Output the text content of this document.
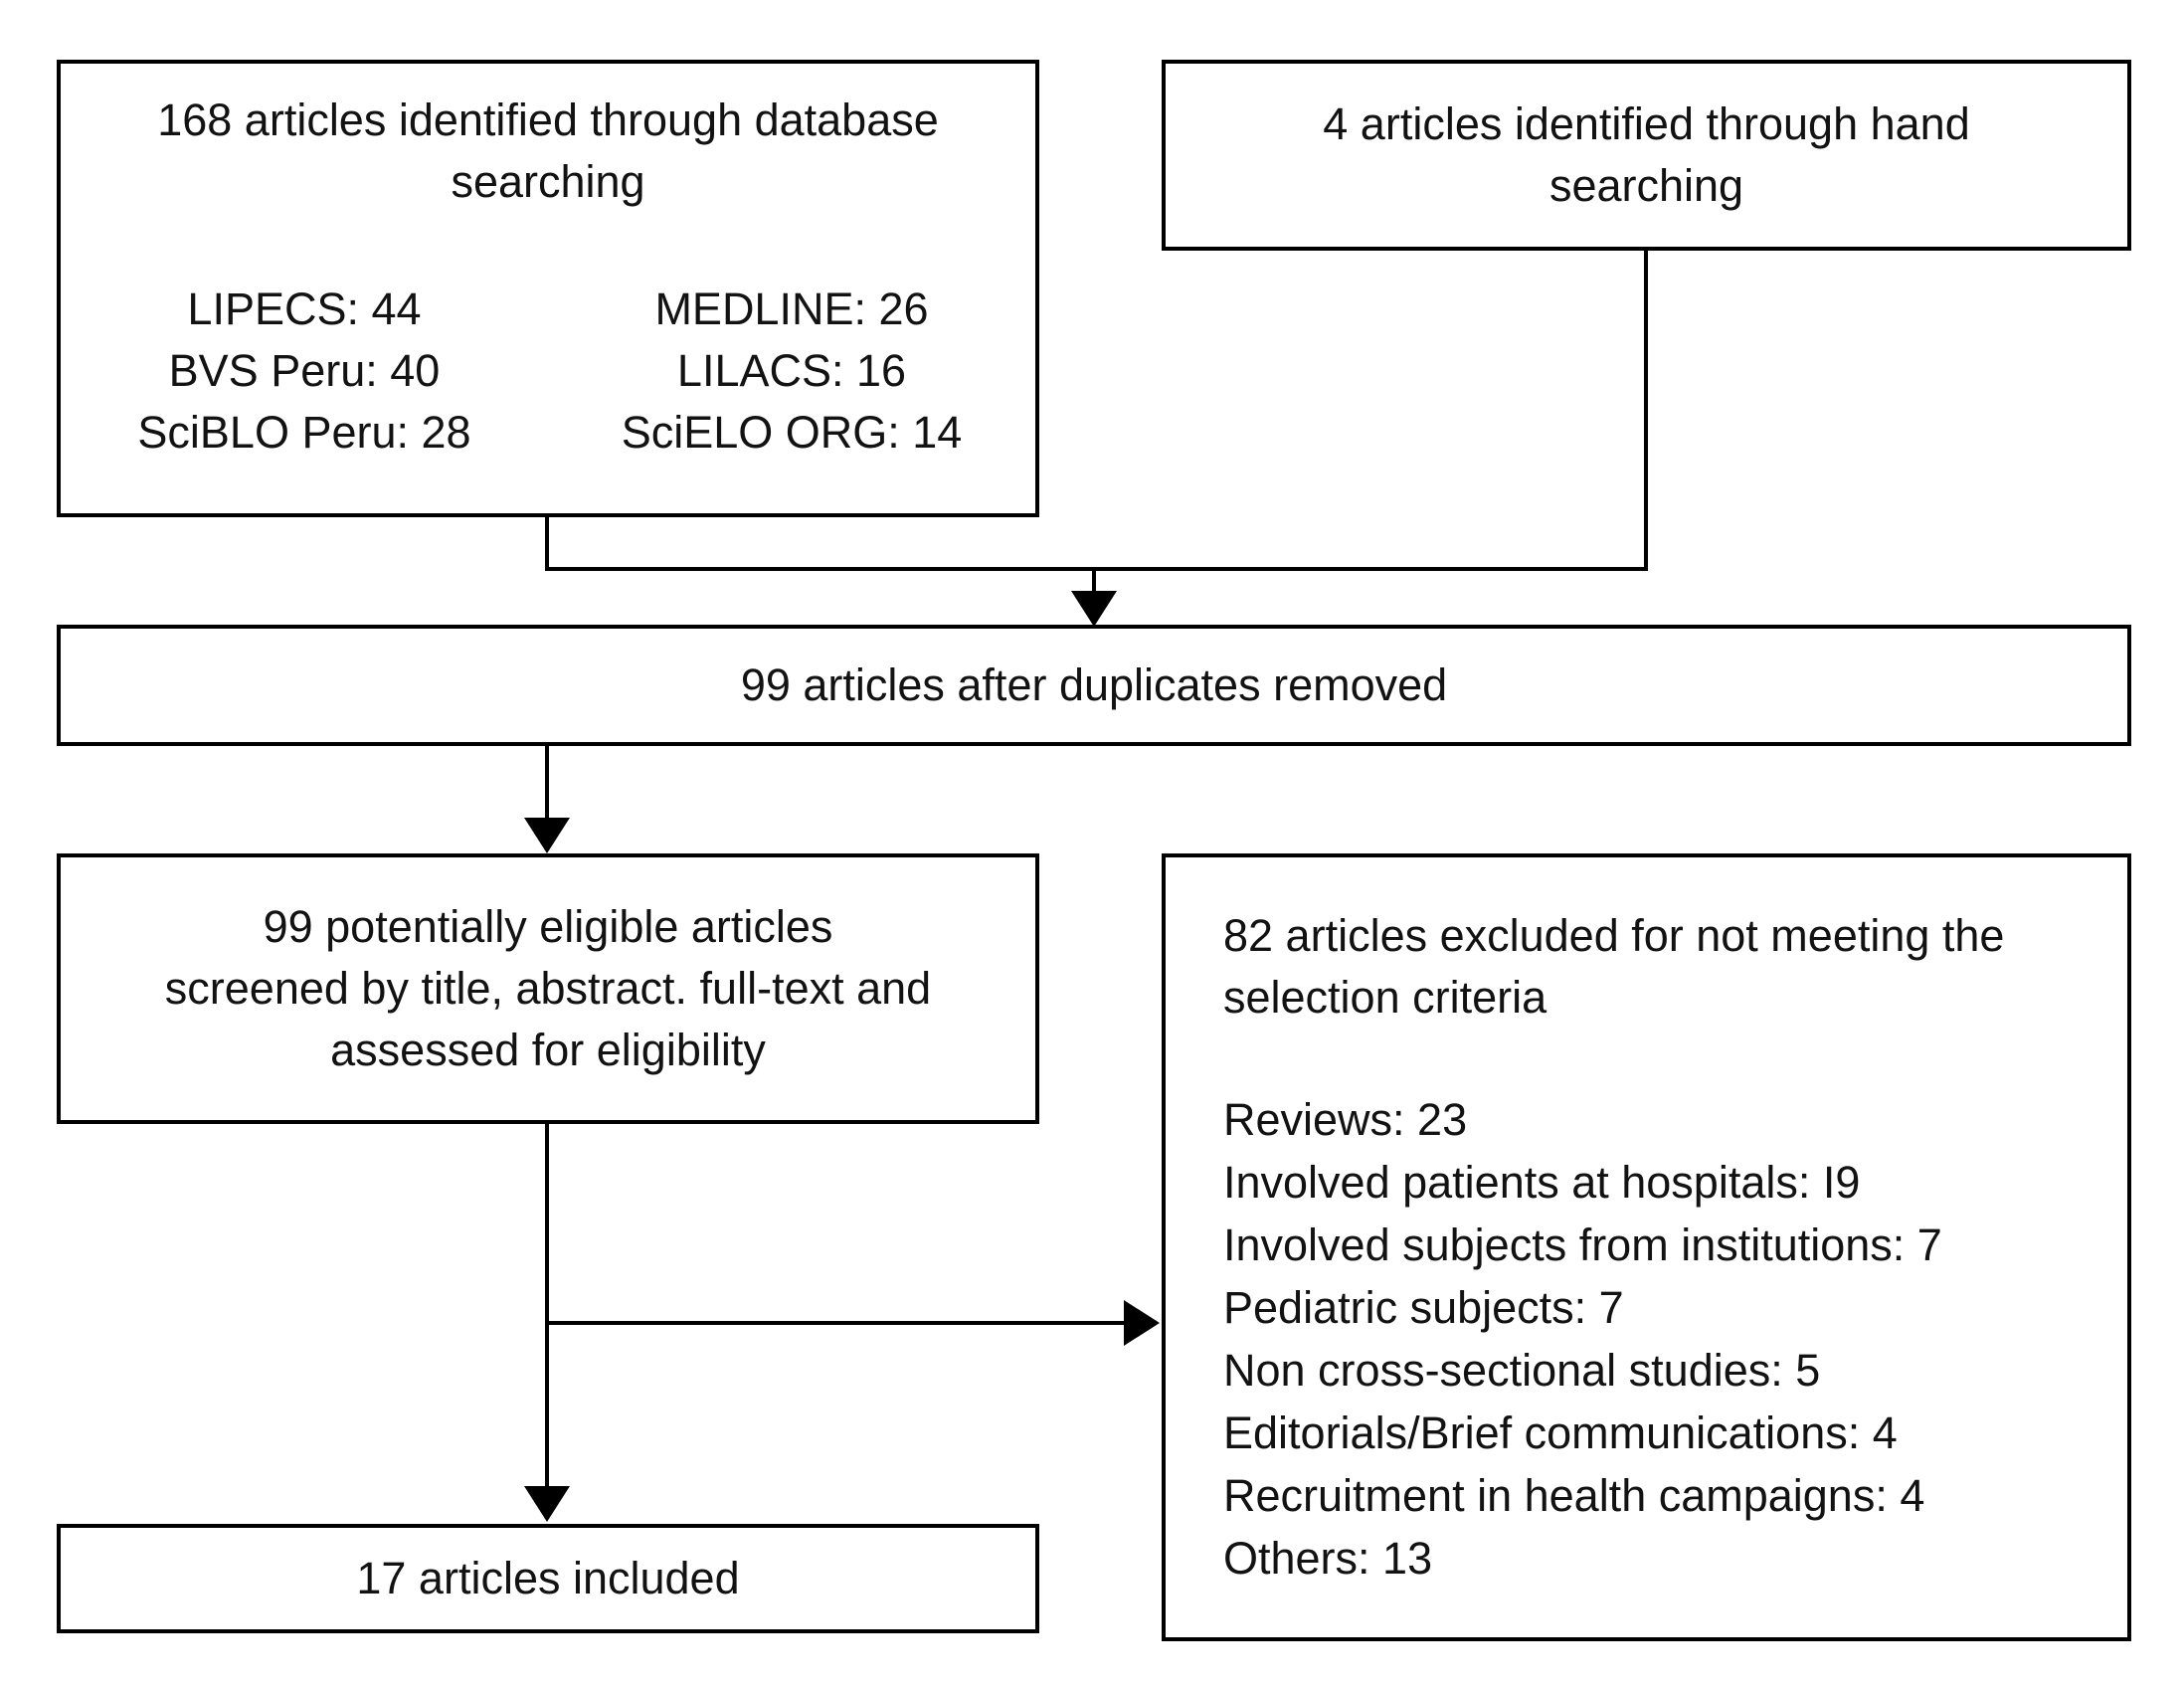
168 articles identified through database
searching
LIPECS: 44
BVS Peru: 40
SciBLO Peru: 28
MEDLINE: 26
LILACS: 16
SciELO ORG: 14
4 articles identified through hand
searching
99 articles after duplicates removed
99 potentially eligible articles
screened by title, abstract. full-text and
assessed for eligibility
82 articles excluded for not meeting the
selection criteria
Reviews: 23
Involved patients at hospitals: I9
Involved subjects from institutions: 7
Pediatric subjects: 7
Non cross-sectional studies: 5
Editorials/Brief communications: 4
Recruitment in health campaigns: 4
Others: 13
17 articles included
